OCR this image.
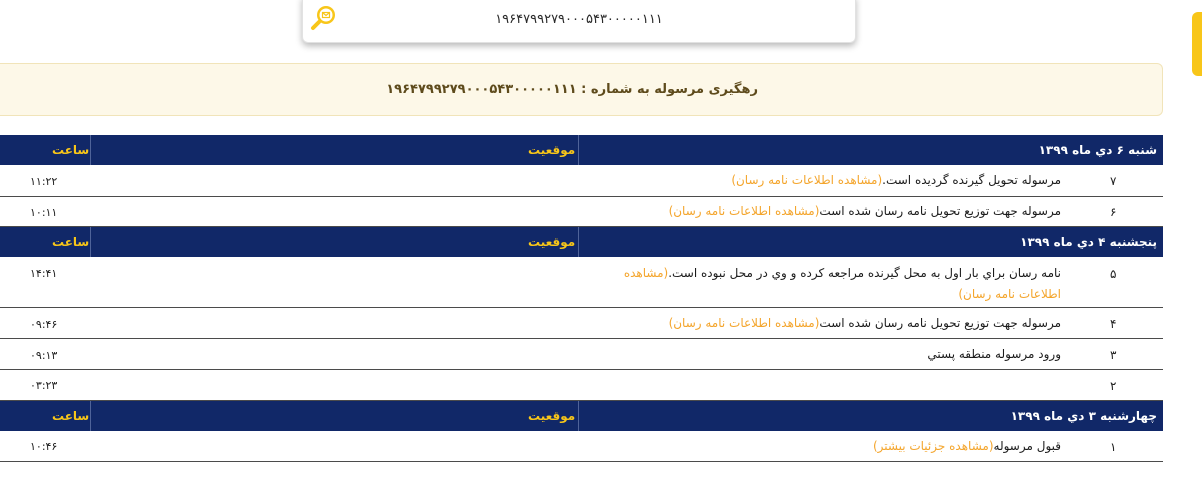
۱۹۶۴۷۹۹۲۷۹۰۰۰۵۴۳۰۰۰۰۰۱۱۱
رهگیری مرسوله به شماره : ۱۹۶۴۷۹۹۲۷۹۰۰۰۵۴۳۰۰۰۰۰۱۱۱
شنبه ۶ دي ماه ۱۳۹۹
موقعيت
ساعت
۷
مرسوله تحويل گيرنده گرديده است.(مشاهده اطلاعات نامه رسان)
۱۱:۲۲
۶
مرسوله جهت توزيع تحويل نامه رسان شده است(مشاهده اطلاعات نامه رسان)
۱۰:۱۱
پنجشنبه ۴ دي ماه ۱۳۹۹
موقعيت
ساعت
۵
نامه رسان براي بار اول به محل گيرنده مراجعه كرده و وي در محل نبوده است.(مشاهده اطلاعات نامه رسان)
۱۴:۴۱
۴
مرسوله جهت توزيع تحويل نامه رسان شده است(مشاهده اطلاعات نامه رسان)
۰۹:۴۶
۳
ورود مرسوله منطقه پستي
۰۹:۱۳
۲
۰۳:۲۳
چهارشنبه ۳ دي ماه ۱۳۹۹
موقعيت
ساعت
۱
قبول مرسوله(مشاهده جزئيات بيشتر)
۱۰:۴۶
